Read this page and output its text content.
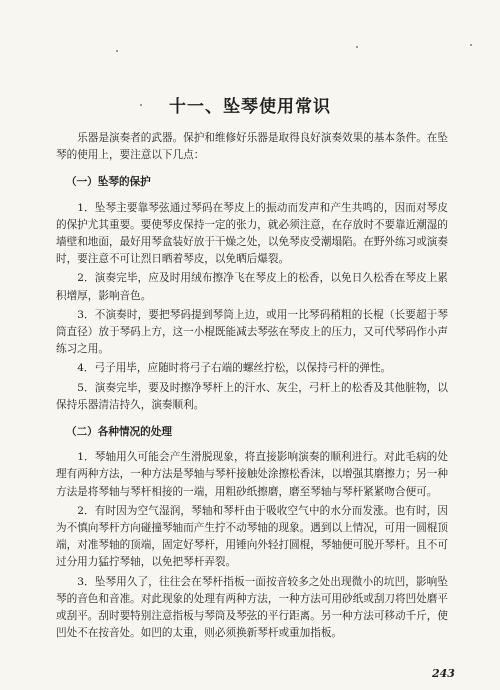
十一、坠琴使用常识

乐器是演奏者的武器。保护和维修好乐器是取得良好演奏效果的基本条件。在坠琴的使用上，要注意以下几点：

（一）坠琴的保护

1．坠琴主要靠琴弦通过琴码在琴皮上的振动而发声和产生共鸣的，因而对琴皮的保护尤其重要。要使琴皮保持一定的张力，就必须注意，在存放时不要靠近潮湿的墙壁和地面，最好用琴盒装好放于干燥之处，以免琴皮受潮塌陷。在野外练习或演奏时，要注意不可让烈日晒着琴皮，以免晒后爆裂。

2．演奏完毕，应及时用绒布擦净飞在琴皮上的松香，以免日久松香在琴皮上累积增厚，影响音色。

3．不演奏时，要把琴码提到琴筒上边，或用一比琴码稍粗的长棍（长要超于琴筒直径）放于琴码上方，这一小棍既能减去琴弦在琴皮上的压力，又可代琴码作小声练习之用。

4．弓子用毕，应随时将弓子右端的螺丝拧松，以保持弓杆的弹性。

5．演奏完毕，要及时擦净琴杆上的汗水、灰尘，弓杆上的松香及其他脏物，以保持乐器清洁持久，演奏顺利。

（二）各种情况的处理

1．琴轴用久可能会产生滑脱现象，将直接影响演奏的顺利进行。对此毛病的处理有两种方法，一种方法是琴轴与琴杆接触处涂擦松香沫，以增强其磨擦力；另一种方法是将琴轴与琴杆相接的一端，用粗砂纸擦磨，磨至琴轴与琴杆紧紧吻合便可。

2．有时因为空气湿润，琴轴和琴杆由于吸收空气中的水分而发涨。也有时，因为不慎向琴杆方向碰撞琴轴而产生拧不动琴轴的现象。遇到以上情况，可用一圆棍顶端，对准琴轴的顶端，固定好琴杆，用锤向外轻打圆棍，琴轴便可脱开琴杆。且不可过分用力猛拧琴轴，以免把琴杆弄裂。

3．坠琴用久了，往往会在琴杆指板一面按音较多之处出现微小的坑凹，影响坠琴的音色和音准。对此现象的处理有两种方法，一种方法可用砂纸或刮刀将凹处磨平或刮平。刮时要特别注意指板与琴筒及琴弦的平行距离。另一种方法可移动千斤，使凹处不在按音处。如凹的太重，则必须换新琴杆或重加指板。

243
